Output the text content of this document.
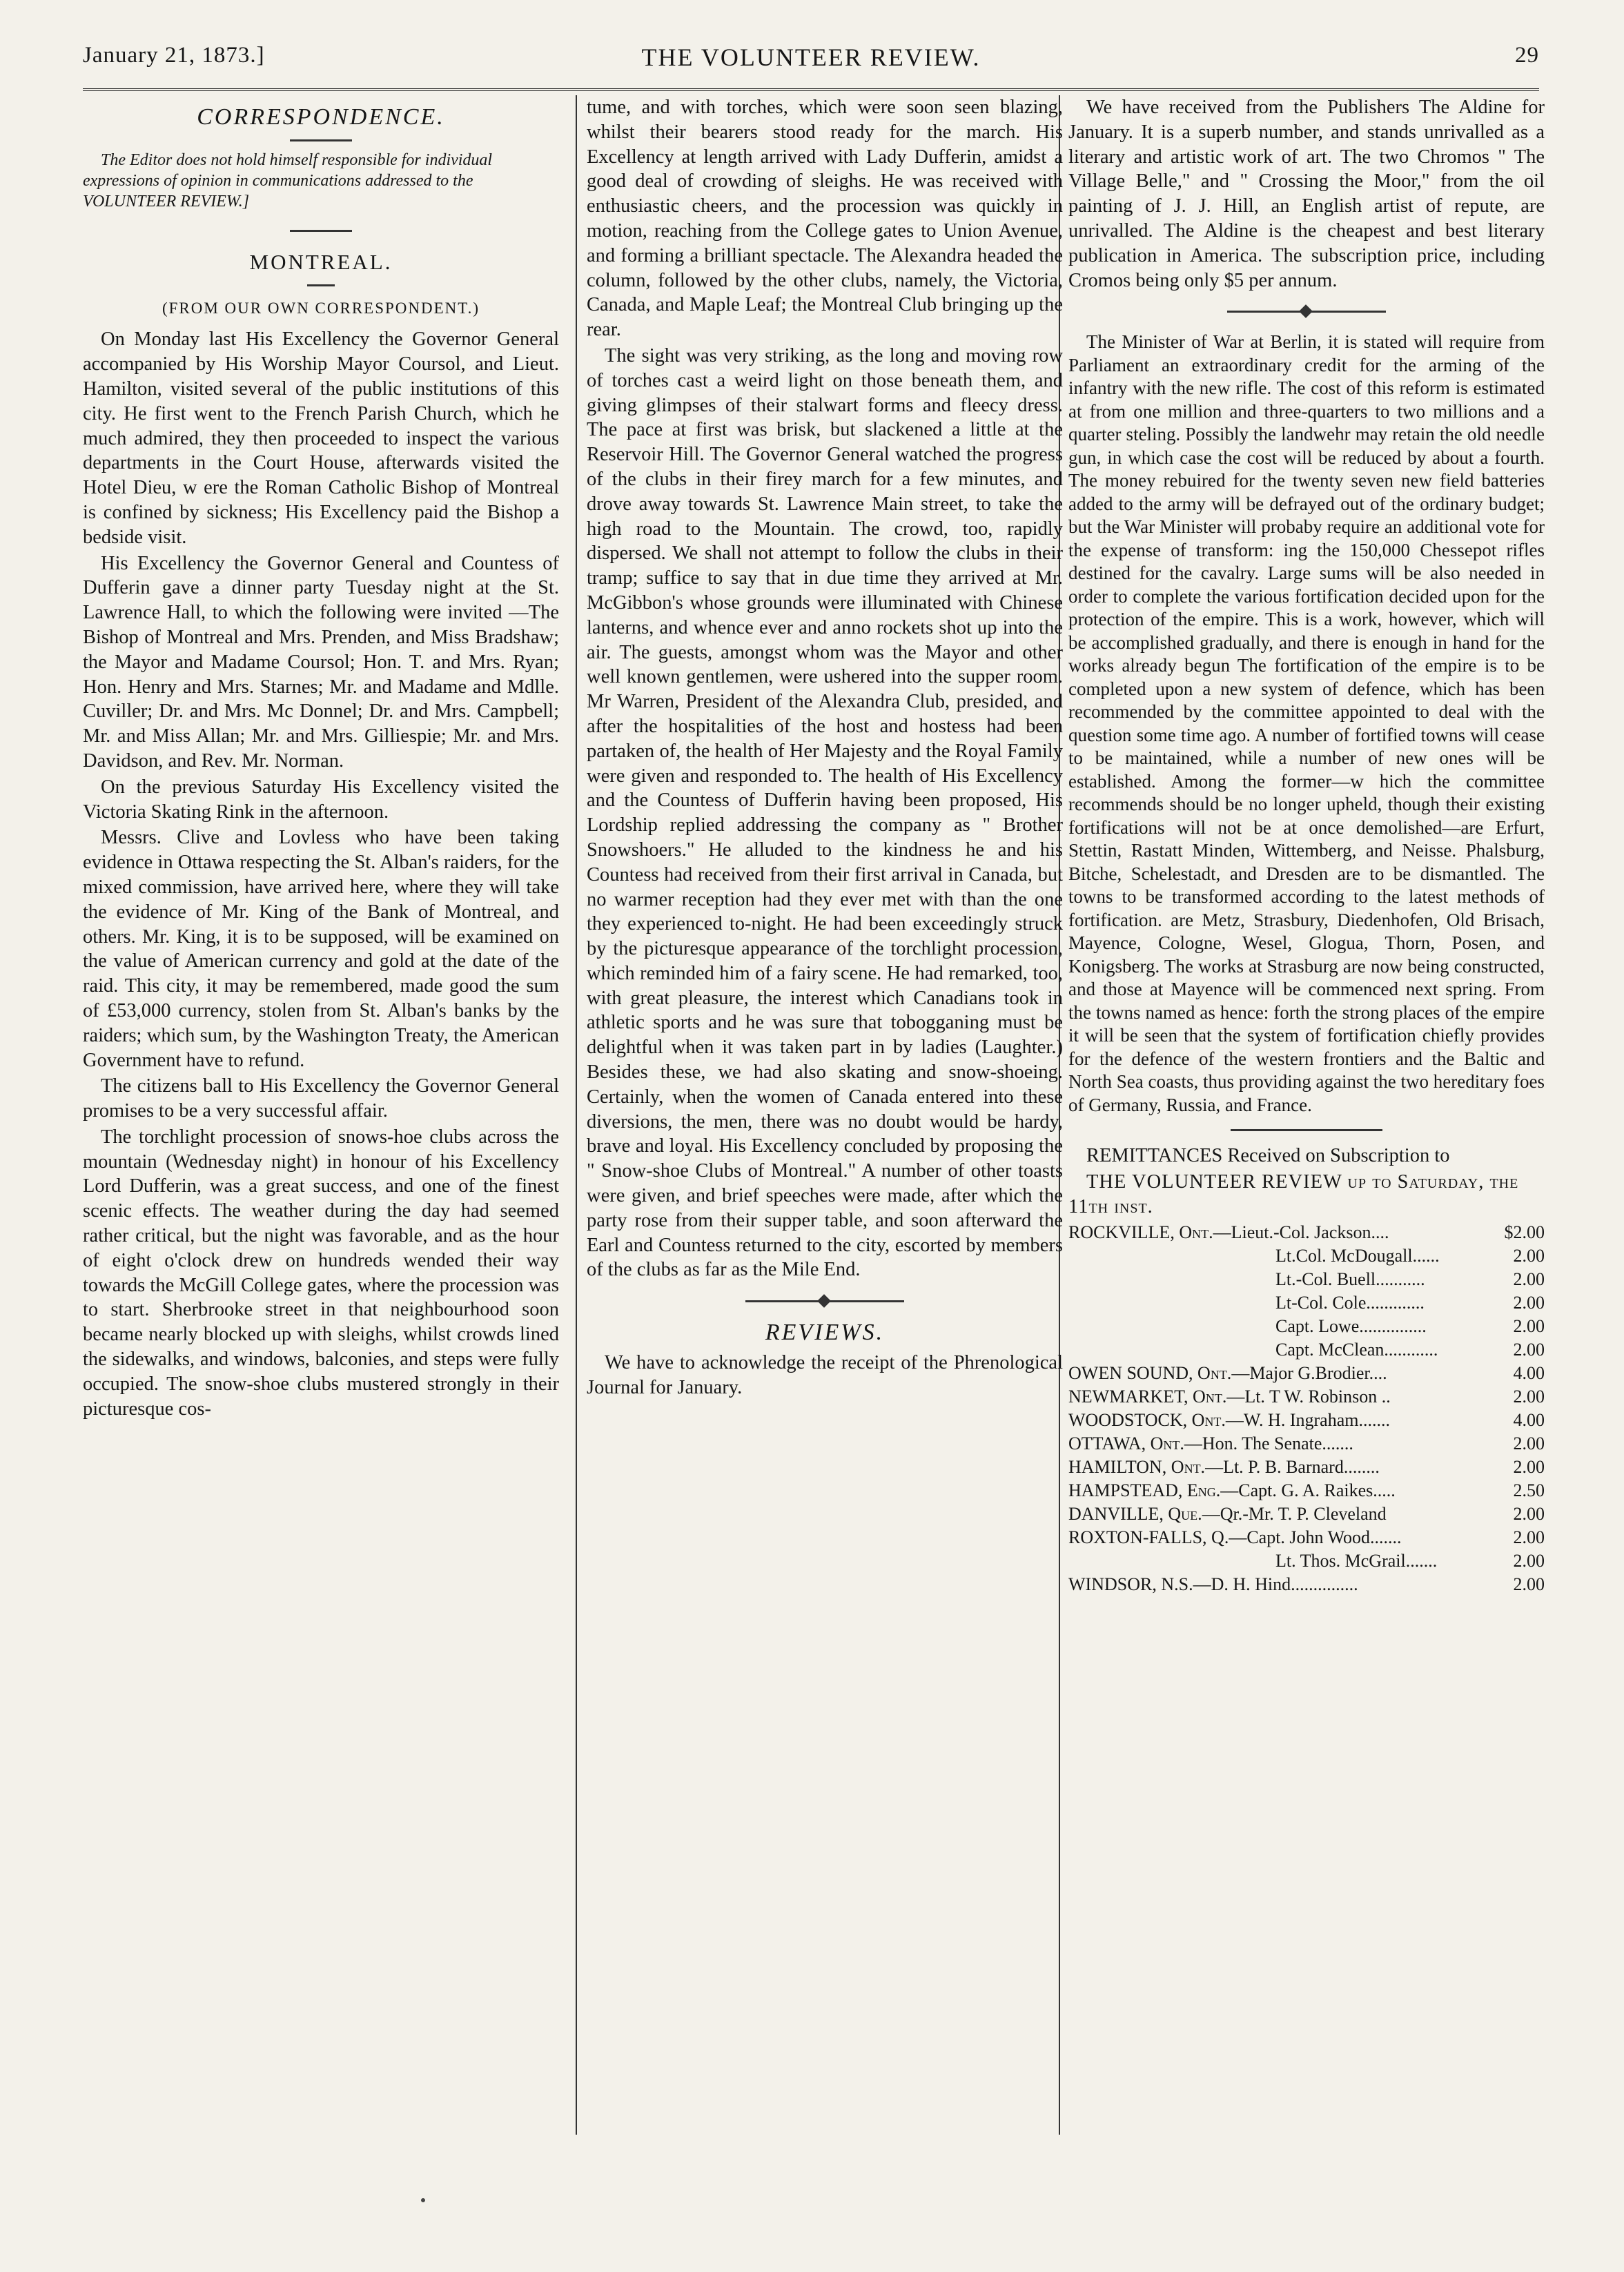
January 21, 1873.]	THE VOLUNTEER REVIEW.	29
CORRESPONDENCE.

The Editor does not hold himself responsible for individual expressions of opinion in communications addressed to the VOLUNTEER REVIEW.]

MONTREAL.
(FROM OUR OWN CORRESPONDENT.)

On Monday last His Excellency the Governor General accompanied by His Worship Mayor Coursol, and Lieut. Hamilton, visited several of the public institutions of this city. He first went to the French Parish Church, which he much admired, they then proceeded to inspect the various departments in the Court House, afterwards visited the Hotel Dieu, w ere the Roman Catholic Bishop of Montreal is confined by sickness; His Excellency paid the Bishop a bedside visit.

His Excellency the Governor General and Countess of Dufferin gave a dinner party Tuesday night at the St. Lawrence Hall, to which the following were invited —The Bishop of Montreal and Mrs. Prenden, and Miss Bradshaw; the Mayor and Madame Coursol; Hon. T. and Mrs. Ryan; Hon. Henry and Mrs. Starnes; Mr. and Madame and Mdlle. Cuviller; Dr. and Mrs. Mc Donnel; Dr. and Mrs. Campbell; Mr. and Miss Allan; Mr. and Mrs. Gilliespie; Mr. and Mrs. Davidson, and Rev. Mr. Norman.

On the previous Saturday His Excellency visited the Victoria Skating Rink in the afternoon.

Messrs. Clive and Lovless who have been taking evidence in Ottawa respecting the St. Alban's raiders, for the mixed commission, have arrived here, where they will take the evidence of Mr. King of the Bank of Montreal, and others. Mr. King, it is to be supposed, will be examined on the value of American currency and gold at the date of the raid. This city, it may be remembered, made good the sum of £53,000 currency, stolen from St. Alban's banks by the raiders; which sum, by the Washington Treaty, the American Government have to refund.

The citizens ball to His Excellency the Governor General promises to be a very successful affair.

The torchlight procession of snows-hoe clubs across the mountain (Wednesday night) in honour of his Excellency Lord Dufferin, was a great success, and one of the finest scenic effects. The weather during the day had seemed rather critical, but the night was favorable, and as the hour of eight o'clock drew on hundreds wended their way towards the McGill College gates, where the procession was to start. Sherbrooke street in that neighbourhood soon became nearly blocked up with sleighs, whilst crowds lined the sidewalks, and windows, balconies, and steps were fully occupied. The snow-shoe clubs mustered strongly in their picturesque cos-

tume, and with torches, which were soon seen blazing, whilst their bearers stood ready for the march. His Excellency at length arrived with Lady Dufferin, amidst a good deal of crowding of sleighs. He was received with enthusiastic cheers, and the procession was quickly in motion, reaching from the College gates to Union Avenue, and forming a brilliant spectacle. The Alexandra headed the column, followed by the other clubs, namely, the Victoria, Canada, and Maple Leaf; the Montreal Club bringing up the rear.

The sight was very striking, as the long and moving row of torches cast a weird light on those beneath them, and giving glimpses of their stalwart forms and fleecy dress. The pace at first was brisk, but slackened a little at the Reservoir Hill. The Governor General watched the progress of the clubs in their firey march for a few minutes, and drove away towards St. Lawrence Main street, to take the high road to the Mountain. The crowd, too, rapidly dispersed. We shall not attempt to follow the clubs in their tramp; suffice to say that in due time they arrived at Mr. McGibbon's whose grounds were illuminated with Chinese lanterns, and whence ever and anno rockets shot up into the air. The guests, amongst whom was the Mayor and other well known gentlemen, were ushered into the supper room. Mr Warren, President of the Alexandra Club, presided, and after the hospitalities of the host and hostess had been partaken of, the health of Her Majesty and the Royal Family were given and responded to. The health of His Excellency and the Countess of Dufferin having been proposed, His Lordship replied addressing the company as " Brother Snowshoers." He alluded to the kindness he and his Countess had received from their first arrival in Canada, but no warmer reception had they ever met with than the one they experienced to-night. He had been exceedingly struck by the picturesque appearance of the torchlight procession, which reminded him of a fairy scene. He had remarked, too, with great pleasure, the interest which Canadians took in athletic sports and he was sure that tobogganing must be delightful when it was taken part in by ladies (Laughter.) Besides these, we had also skating and snow-shoeing. Certainly, when the women of Canada entered into these diversions, the men, there was no doubt would be hardy, brave and loyal. His Excellency concluded by proposing the " Snow-shoe Clubs of Montreal." A number of other toasts were given, and brief speeches were made, after which the party rose from their supper table, and soon afterward the Earl and Countess returned to the city, escorted by members of the clubs as far as the Mile End.

REVIEWS.

We have to acknowledge the receipt of the Phrenological Journal for January.

We have received from the Publishers The Aldine for January. It is a superb number, and stands unrivalled as a literary and artistic work of art. The two Chromos " The Village Belle," and " Crossing the Moor," from the oil painting of J. J. Hill, an English artist of repute, are unrivalled. The Aldine is the cheapest and best literary publication in America. The subscription price, including Cromos being only $5 per annum.

The Minister of War at Berlin, it is stated will require from Parliament an extraordinary credit for the arming of the infantry with the new rifle. The cost of this reform is estimated at from one million and three-quarters to two millions and a quarter steling. Possibly the landwehr may retain the old needle gun, in which case the cost will be reduced by about a fourth. The money rebuired for the twenty seven new field batteries added to the army will be defrayed out of the ordinary budget; but the War Minister will probaby require an additional vote for the expense of transform: ing the 150,000 Chessepot rifles destined for the cavalry. Large sums will be also needed in order to complete the various fortification decided upon for the protection of the empire. This is a work, however, which will be accomplished gradually, and there is enough in hand for the works already begun The fortification of the empire is to be completed upon a new system of defence, which has been recommended by the committee appointed to deal with the question some time ago. A number of fortified towns will cease to be maintained, while a number of new ones will be established. Among the former—w hich the committee recommends should be no longer upheld, though their existing fortifications will not be at once demolished—are Erfurt, Stettin, Rastatt Minden, Wittemberg, and Neisse. Phalsburg, Bitche, Schelestadt, and Dresden are to be dismantled. The towns to be transformed according to the latest methods of fortification. are Metz, Strasbury, Diedenhofen, Old Brisach, Mayence, Cologne, Wesel, Glogua, Thorn, Posen, and Konigsberg. The works at Strasburg are now being constructed, and those at Mayence will be commenced next spring. From the towns named as hence: forth the strong places of the empire it will be seen that the system of fortification chiefly provides for the defence of the western frontiers and the Baltic and North Sea coasts, thus providing against the two hereditary foes of Germany, Russia, and France.

REMITTANCES Received on Subscription to

THE VOLUNTEER REVIEW up to Saturday, the 11th inst.

ROCKVILLE, Ont.—Lieut.-Col. Jackson....	$2.00
Lt.Col. McDougall......	2.00
Lt.-Col. Buell...........	2.00
Lt-Col. Cole.............	2.00
Capt. Lowe...............	2.00
Capt. McClean............	2.00
OWEN SOUND, Ont.—Major G.Brodier....	4.00
NEWMARKET, Ont.—Lt. T W. Robinson ..	2.00
WOODSTOCK, Ont.—W. H. Ingraham.......	4.00
OTTAWA, Ont.—Hon. The Senate.......	2.00
HAMILTON, Ont.—Lt. P. B. Barnard........	2.00
HAMPSTEAD, Eng.—Capt. G. A. Raikes.....	2.50
DANVILLE, Que.—Qr.-Mr. T. P. Cleveland	2.00
ROXTON-FALLS, Q.—Capt. John Wood.......	2.00
Lt. Thos. McGrail.......	2.00
WINDSOR, N.S.—D. H. Hind...............	2.00
